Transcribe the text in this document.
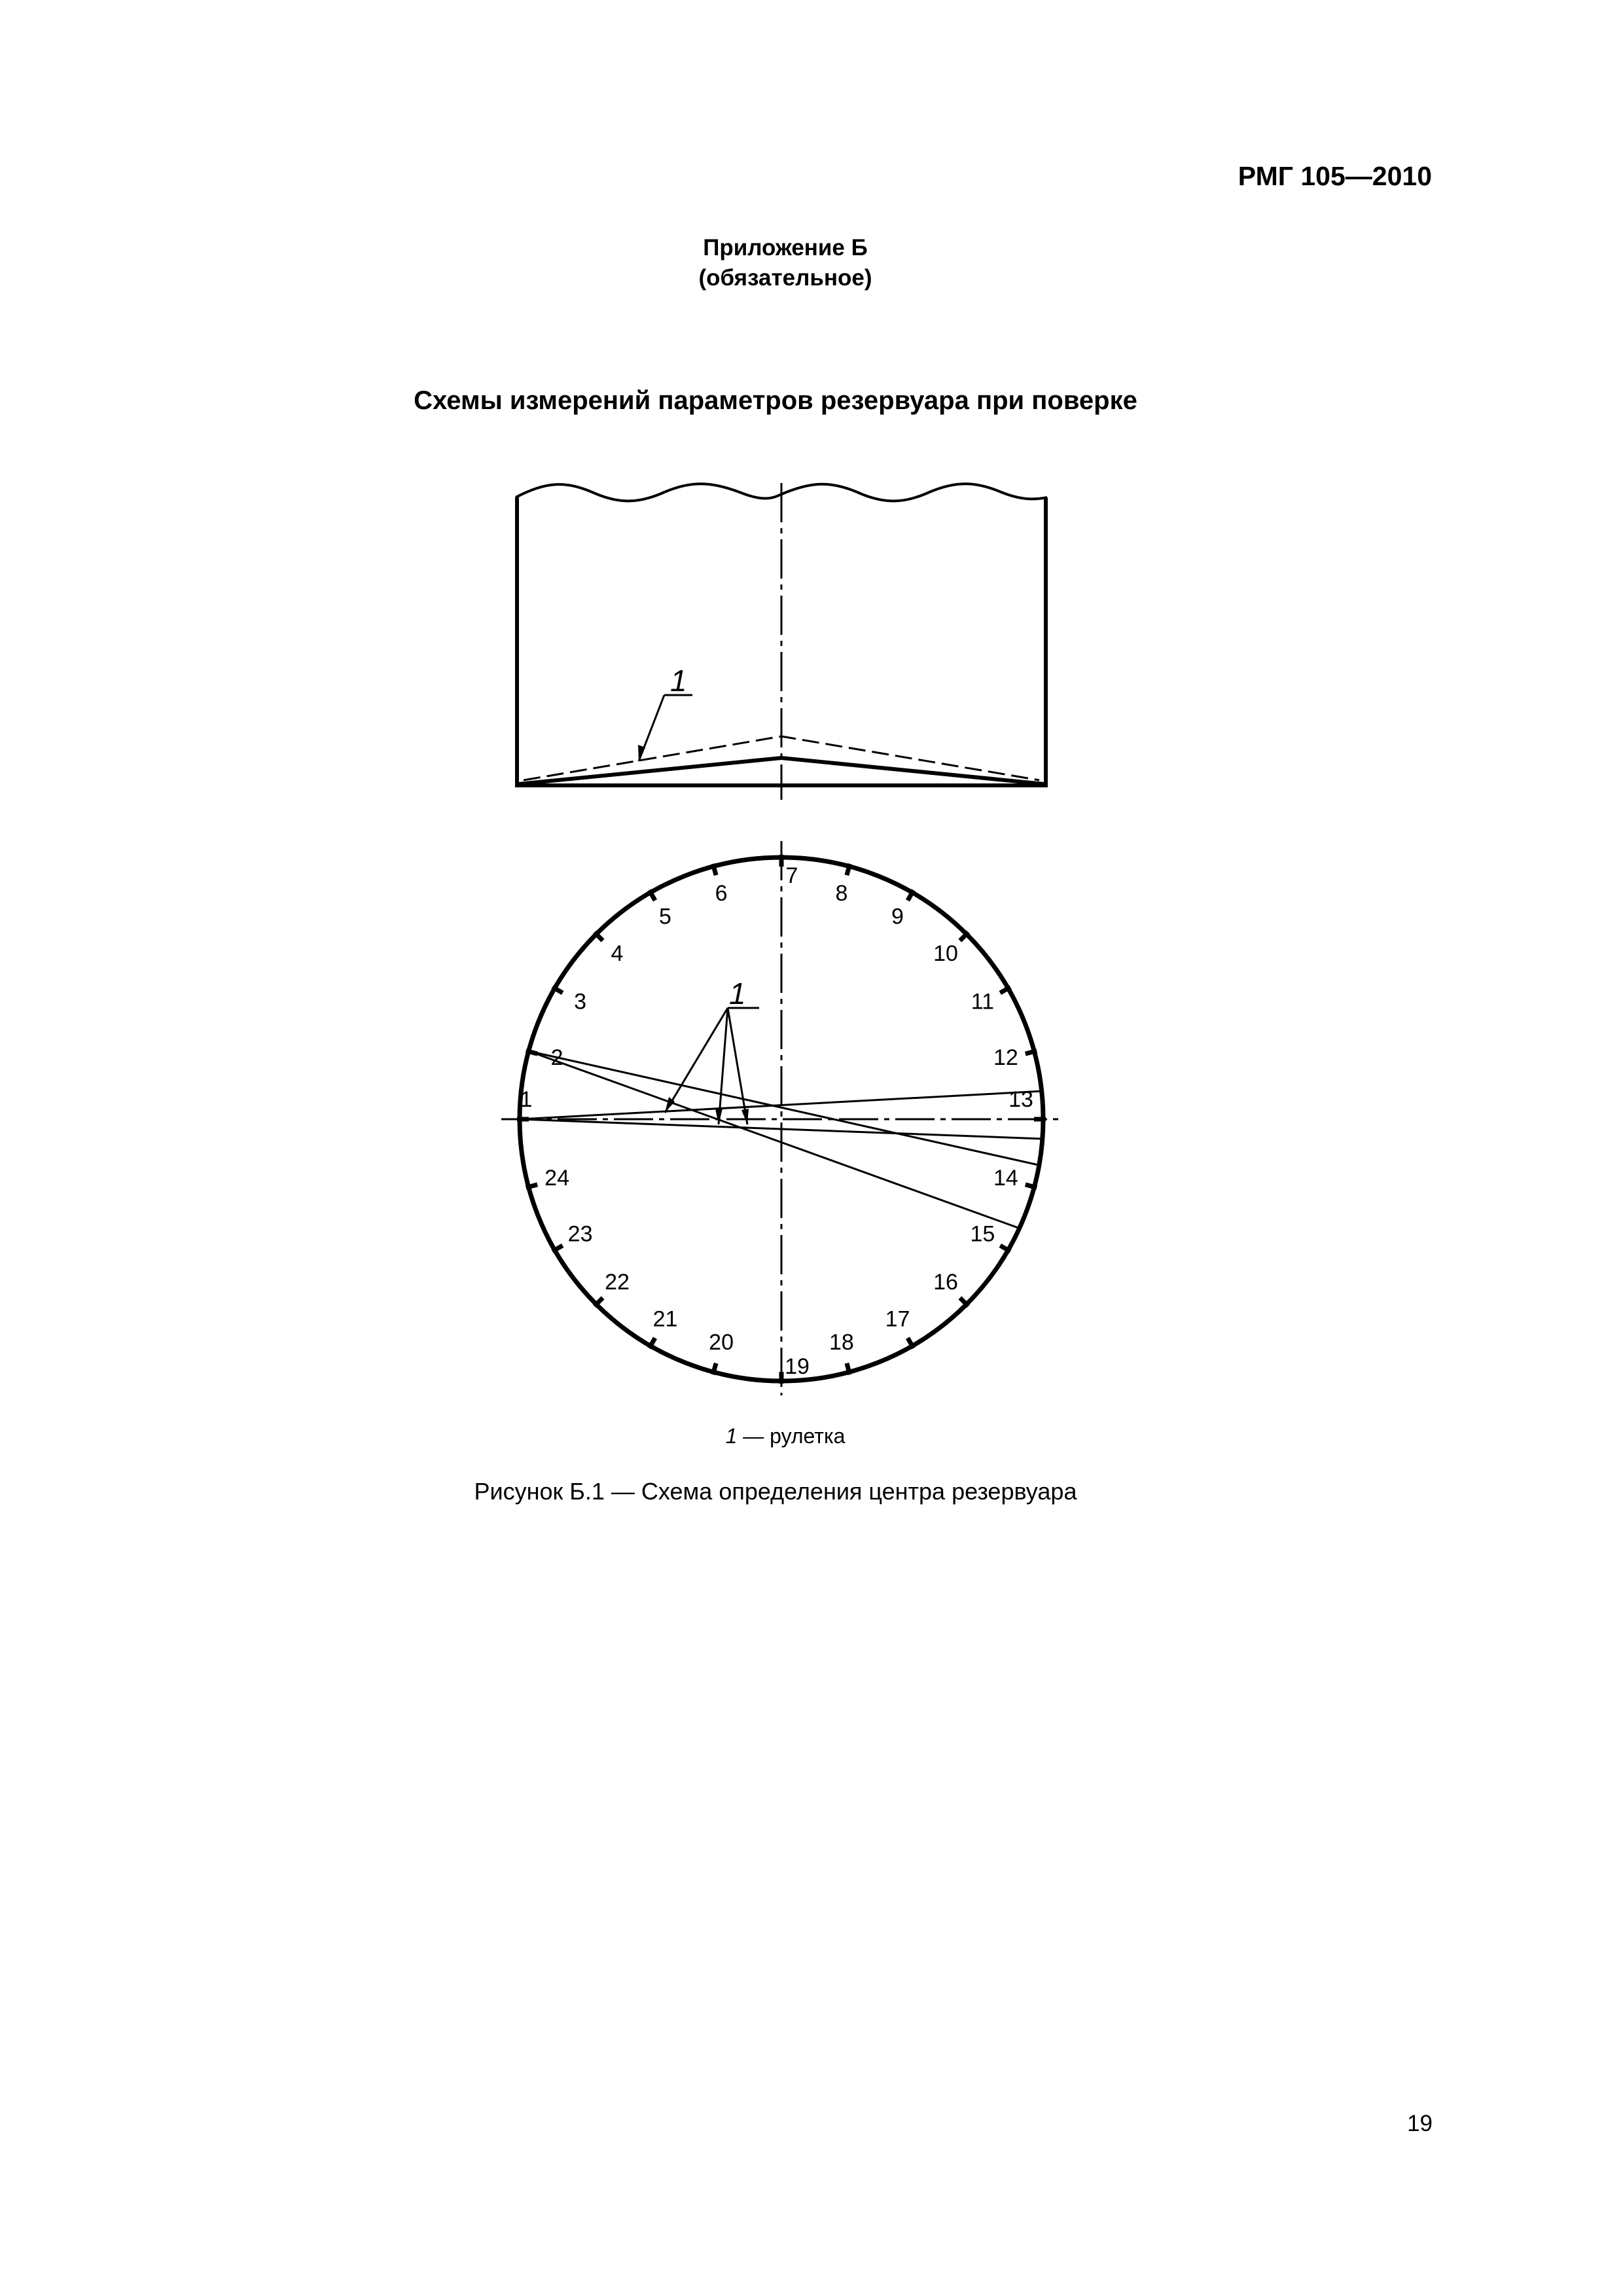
РМГ 105—2010
Приложение Б
(обязательное)
Схемы измерений параметров резервуара при поверке
1
1
1
2
3
4
5
6
7
8
9
10
11
12
13
14
15
16
17
18
19
20
21
22
23
24
1 — рулетка
Рисунок Б.1 — Схема определения центра резервуара
19
